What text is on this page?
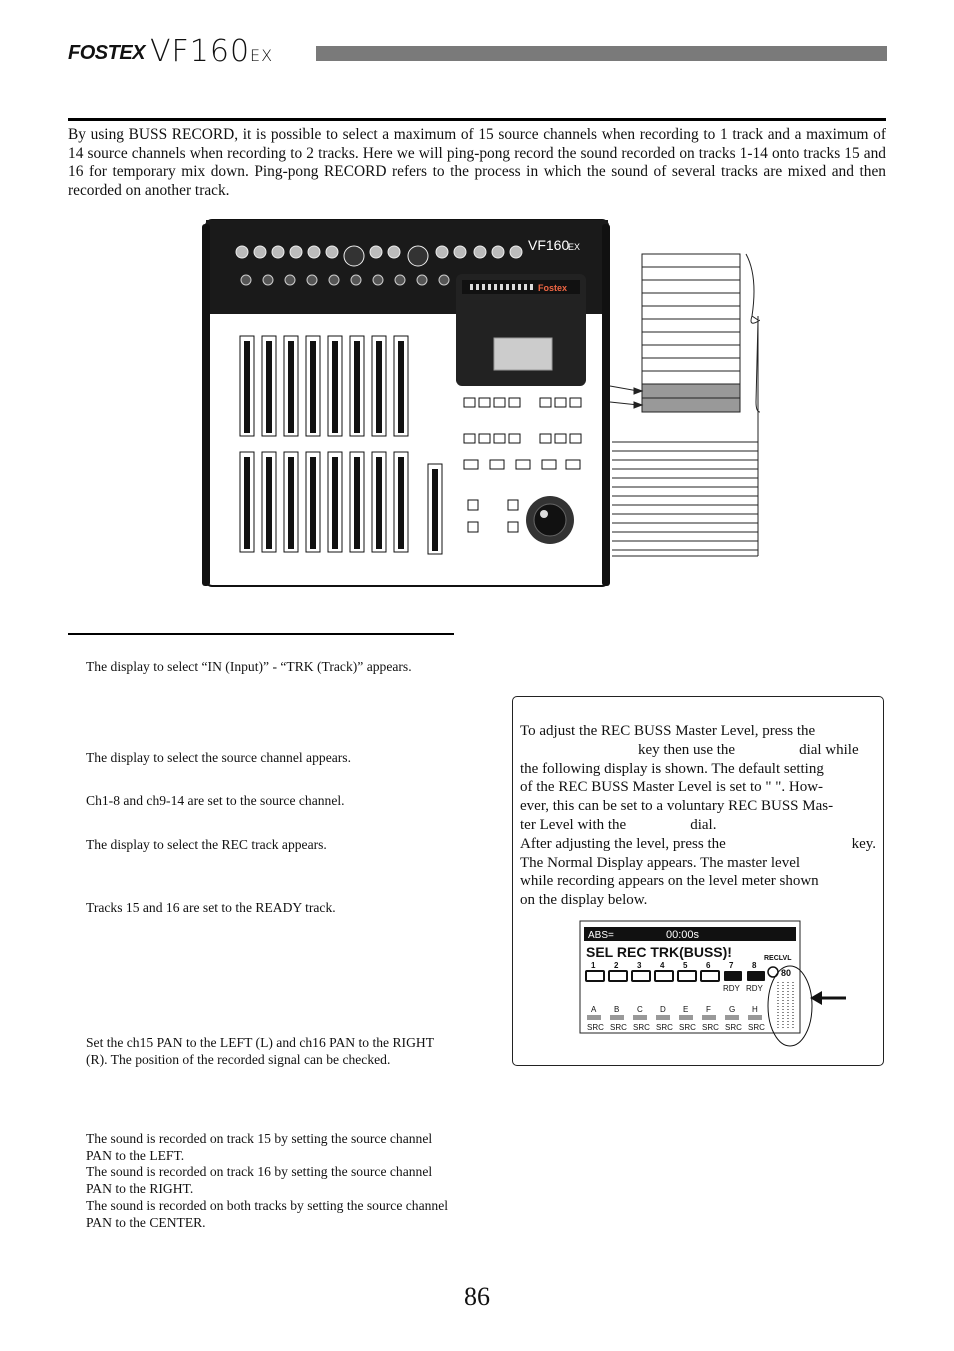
FOSTEX VF160EX

By using BUSS RECORD, it is possible to select a maximum of 15 source channels when recording to 1 track and a maximum of 14 source channels when recording to 2 tracks. Here we will ping-pong record the sound recorded on tracks 1-14 onto tracks 15 and 16 for temporary mix down. Ping-pong RECORD refers to the process in which the sound of several tracks are mixed and then recorded on another track.

VF160
EX
Fostex

The display to select “IN (Input)” - “TRK (Track)” appears.

The display to select the source channel appears.

Ch1-8 and ch9-14 are set to the source channel.

The display to select the REC track appears.

Tracks 15 and 16 are set to the READY track.

Set the ch15 PAN to the LEFT (L) and ch16 PAN to the RIGHT (R). The position of the recorded signal can be checked.

The sound is recorded on track 15 by setting the source channel PAN to the LEFT.

The sound is recorded on track 16 by setting the source channel PAN to the RIGHT.

The sound is recorded on both tracks by setting the source channel PAN to the CENTER.

To adjust the REC BUSS Master Level, press the
key then use the	dial while
the following display is shown. The default setting
of the REC BUSS Master Level is set to " ". How-
ever, this can be set to a voluntary REC BUSS Mas-
ter Level with the	dial.
After adjusting the level, press the	key.
The Normal Display appears. The master level
while recording appears on the level meter shown
on the display below.
ABS=	00:00s
SEL REC TRK(BUSS)!
1 2 3 4 5 6 7 8
RDY RDY
RECLVL
80
A B C D E F G H
SRC SRC SRC SRC SRC SRC SRC SRC
86
